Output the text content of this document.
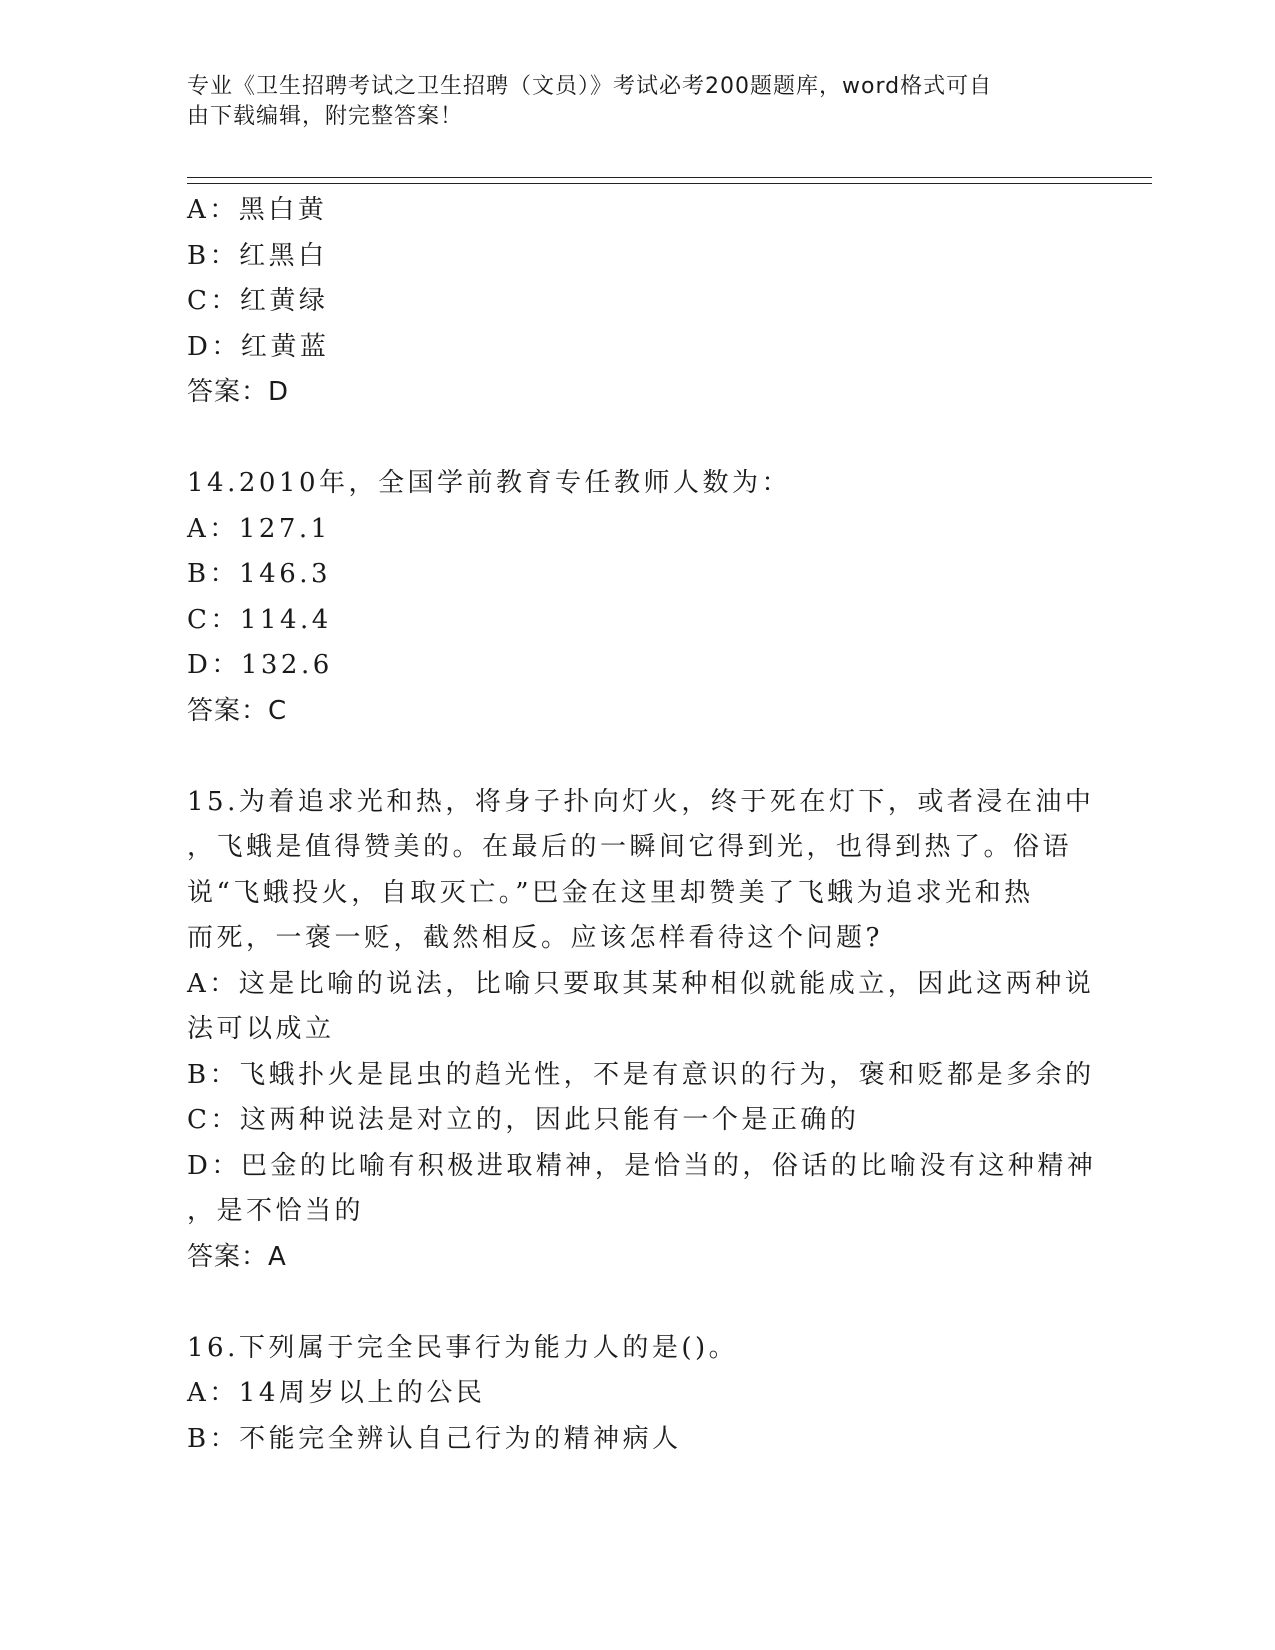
专业《卫生招聘考试之卫生招聘（文员）》考试必考200题题库，word格式可自
由下载编辑，附完整答案！
A：黑白黄
B：红黑白
C：红黄绿
D：红黄蓝
答案：D
14.2010年，全国学前教育专任教师人数为：
A：127.1
B：146.3
C：114.4
D：132.6
答案：C
15.为着追求光和热，将身子扑向灯火，终于死在灯下，或者浸在油中
，飞蛾是值得赞美的。在最后的一瞬间它得到光，也得到热了。俗语
说“飞蛾投火，自取灭亡。”巴金在这里却赞美了飞蛾为追求光和热
而死，一褒一贬，截然相反。应该怎样看待这个问题?
A：这是比喻的说法，比喻只要取其某种相似就能成立，因此这两种说
法可以成立
B：飞蛾扑火是昆虫的趋光性，不是有意识的行为，褒和贬都是多余的
C：这两种说法是对立的，因此只能有一个是正确的
D：巴金的比喻有积极进取精神，是恰当的，俗话的比喻没有这种精神
，是不恰当的
答案：A
16.下列属于完全民事行为能力人的是()。
A：14周岁以上的公民
B：不能完全辨认自己行为的精神病人
